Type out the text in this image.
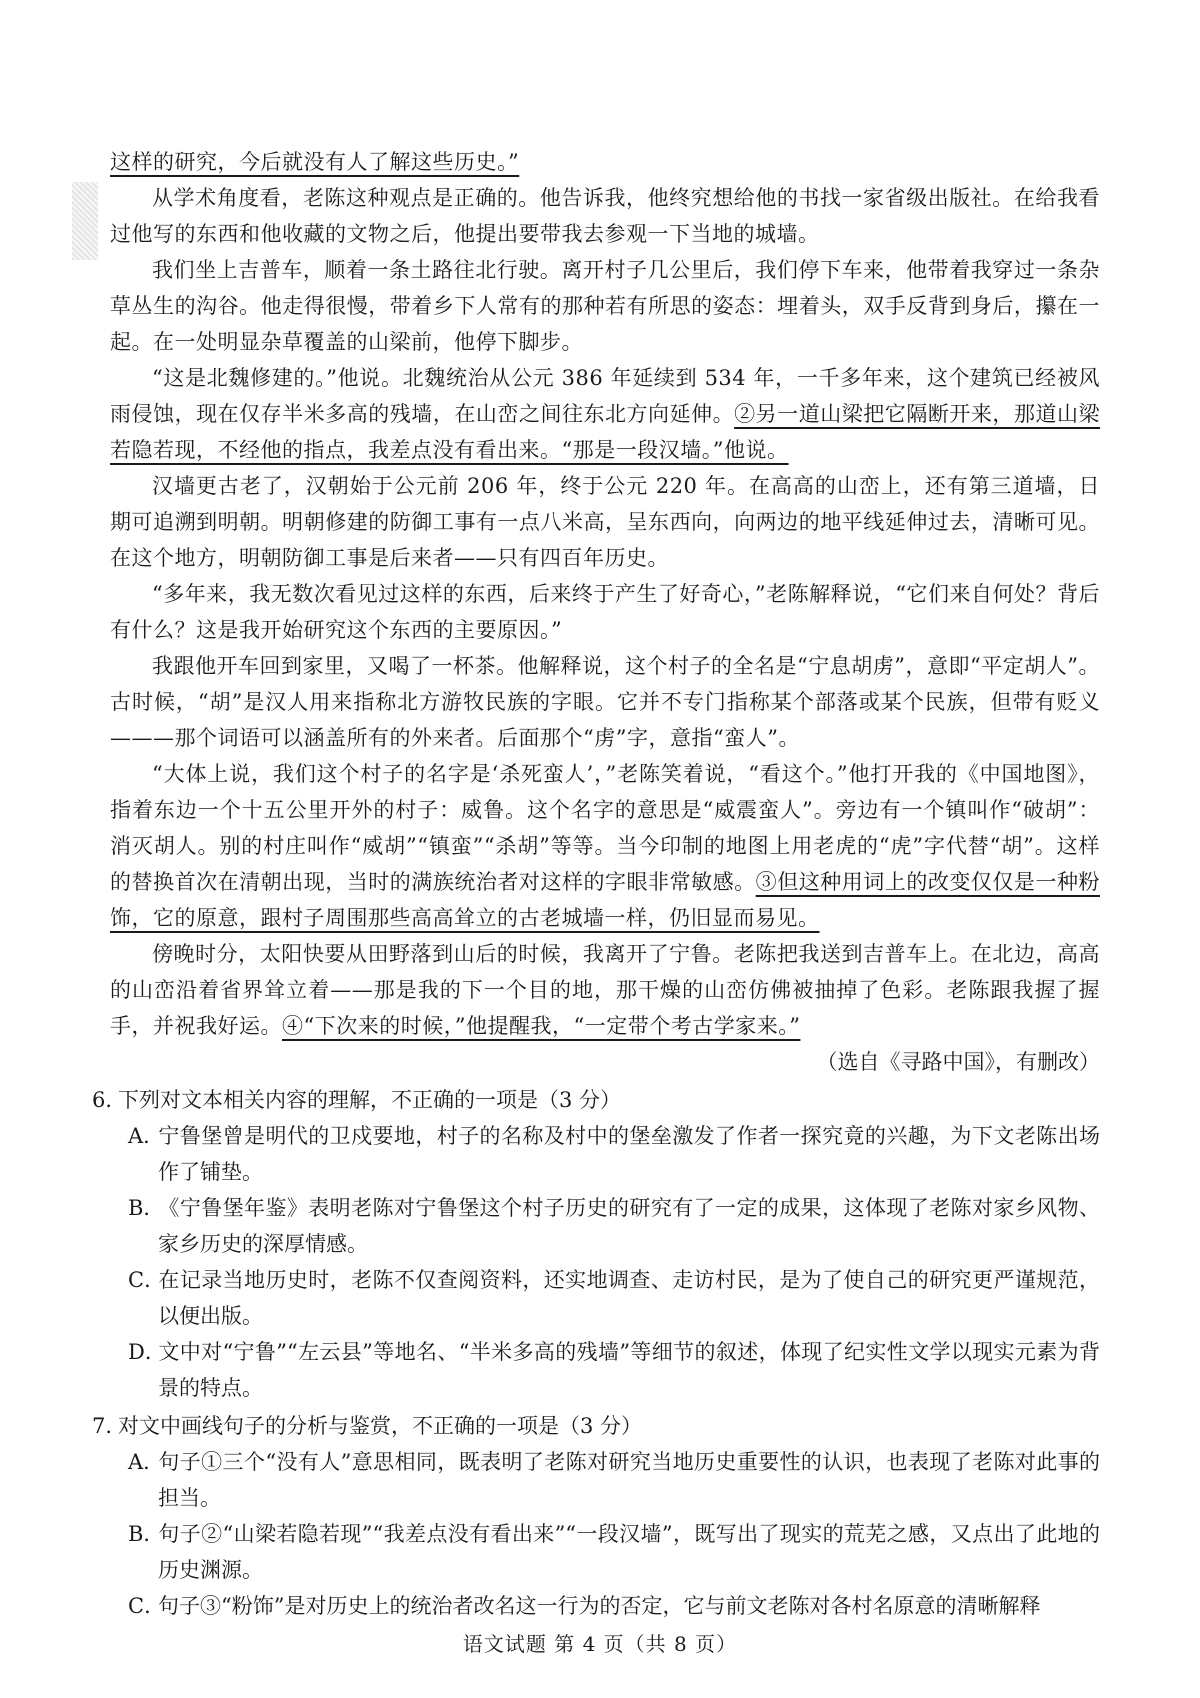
这样的研究，今后就没有人了解这些历史。”

从学术角度看，老陈这种观点是正确的。他告诉我，他终究想给他的书找一家省级出版社。在给我看过他写的东西和他收藏的文物之后，他提出要带我去参观一下当地的城墙。

我们坐上吉普车，顺着一条土路往北行驶。离开村子几公里后，我们停下车来，他带着我穿过一条杂草丛生的沟谷。他走得很慢，带着乡下人常有的那种若有所思的姿态：埋着头，双手反背到身后，攥在一起。在一处明显杂草覆盖的山梁前，他停下脚步。

“这是北魏修建的。”他说。北魏统治从公元 386 年延续到 534 年，一千多年来，这个建筑已经被风雨侵蚀，现在仅存半米多高的残墙，在山峦之间往东北方向延伸。②另一道山梁把它隔断开来，那道山梁若隐若现，不经他的指点，我差点没有看出来。“那是一段汉墙。”他说。

汉墙更古老了，汉朝始于公元前 206 年，终于公元 220 年。在高高的山峦上，还有第三道墙，日期可追溯到明朝。明朝修建的防御工事有一点八米高，呈东西向，向两边的地平线延伸过去，清晰可见。在这个地方，明朝防御工事是后来者——只有四百年历史。

“多年来，我无数次看见过这样的东西，后来终于产生了好奇心，”老陈解释说，“它们来自何处？背后有什么？这是我开始研究这个东西的主要原因。”

我跟他开车回到家里，又喝了一杯茶。他解释说，这个村子的全名是“宁息胡虏”，意即“平定胡人”。古时候，“胡”是汉人用来指称北方游牧民族的字眼。它并不专门指称某个部落或某个民族，但带有贬义———那个词语可以涵盖所有的外来者。后面那个“虏”字，意指“蛮人”。

“大体上说，我们这个村子的名字是‘杀死蛮人’，”老陈笑着说，“看这个。”他打开我的《中国地图》，指着东边一个十五公里开外的村子：威鲁。这个名字的意思是“威震蛮人”。旁边有一个镇叫作“破胡”：消灭胡人。别的村庄叫作“威胡”“镇蛮”“杀胡”等等。当今印制的地图上用老虎的“虎”字代替“胡”。这样的替换首次在清朝出现，当时的满族统治者对这样的字眼非常敏感。③但这种用词上的改变仅仅是一种粉饰，它的原意，跟村子周围那些高高耸立的古老城墙一样，仍旧显而易见。

傍晚时分，太阳快要从田野落到山后的时候，我离开了宁鲁。老陈把我送到吉普车上。在北边，高高的山峦沿着省界耸立着——那是我的下一个目的地，那干燥的山峦仿佛被抽掉了色彩。老陈跟我握了握手，并祝我好运。④“下次来的时候，”他提醒我，“一定带个考古学家来。”

（选自《寻路中国》，有删改）

6．下列对文本相关内容的理解，不正确的一项是（3 分）

A．宁鲁堡曾是明代的卫戍要地，村子的名称及村中的堡垒激发了作者一探究竟的兴趣，为下文老陈出场作了铺垫。

B．《宁鲁堡年鉴》表明老陈对宁鲁堡这个村子历史的研究有了一定的成果，这体现了老陈对家乡风物、家乡历史的深厚情感。

C．在记录当地历史时，老陈不仅查阅资料，还实地调查、走访村民，是为了使自己的研究更严谨规范，以便出版。

D．文中对“宁鲁”“左云县”等地名、“半米多高的残墙”等细节的叙述，体现了纪实性文学以现实元素为背景的特点。

7．对文中画线句子的分析与鉴赏，不正确的一项是（3 分）

A．句子①三个“没有人”意思相同，既表明了老陈对研究当地历史重要性的认识，也表现了老陈对此事的担当。

B．句子②“山梁若隐若现”“我差点没有看出来”“一段汉墙”，既写出了现实的荒芜之感，又点出了此地的历史渊源。

C．句子③“粉饰”是对历史上的统治者改名这一行为的否定，它与前文老陈对各村名原意的清晰解释

语文试题 第 4 页（共 8 页）
